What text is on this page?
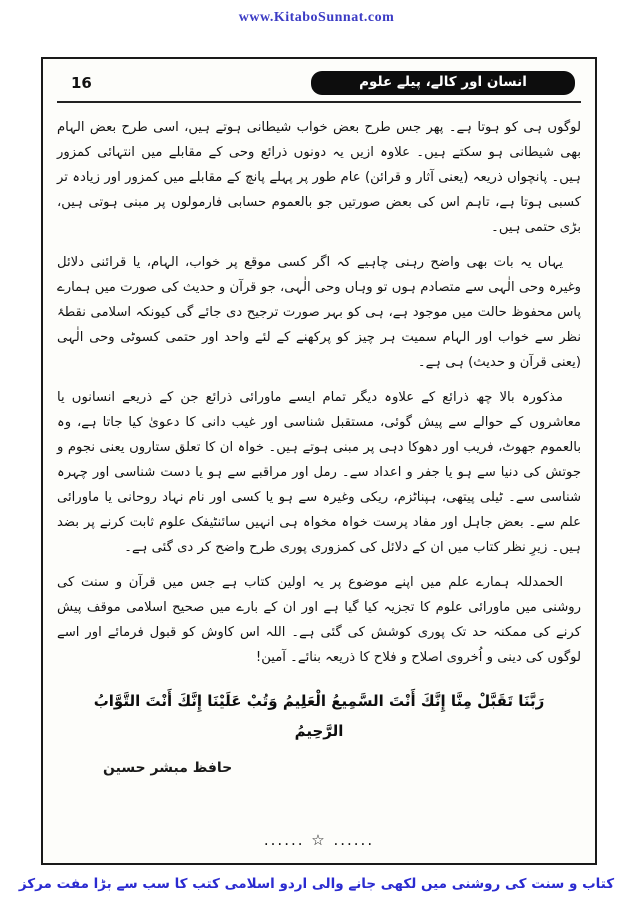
www.KitaboSunnat.com
انسان اور کالے، پیلے علوم
16

لوگوں ہی کو ہوتا ہے۔ پھر جس طرح بعض خواب شیطانی ہوتے ہیں، اسی طرح بعض الہام بھی شیطانی ہو سکتے ہیں۔ علاوہ ازیں یہ دونوں ذرائع وحی کے مقابلے میں انتہائی کمزور ہیں۔ پانچواں ذریعہ (یعنی آثار و قرائن) عام طور پر پہلے پانچ کے مقابلے میں کمزور اور زیادہ تر کسبی ہوتا ہے، تاہم اس کی بعض صورتیں جو بالعموم حسابی فارمولوں پر مبنی ہوتی ہیں، بڑی حتمی ہیں۔

یہاں یہ بات بھی واضح رہنی چاہیے کہ اگر کسی موقع پر خواب، الہام، یا قرائنی دلائل وغیرہ وحی الٰہی سے متصادم ہوں تو وہاں وحی الٰہی، جو قرآن و حدیث کی صورت میں ہمارے پاس محفوظ حالت میں موجود ہے، ہی کو بہر صورت ترجیح دی جائے گی کیونکہ اسلامی نقطۂ نظر سے خواب اور الہام سمیت ہر چیز کو پرکھنے کے لئے واحد اور حتمی کسوٹی وحی الٰہی (یعنی قرآن و حدیث) ہی ہے۔

مذکورہ بالا چھ ذرائع کے علاوہ دیگر تمام ایسے ماورائی ذرائع جن کے ذریعے انسانوں یا معاشروں کے حوالے سے پیش گوئی، مستقبل شناسی اور غیب دانی کا دعویٰ کیا جاتا ہے، وہ بالعموم جھوٹ، فریب اور دھوکا دہی پر مبنی ہوتے ہیں۔ خواہ ان کا تعلق ستاروں یعنی نجوم و جوتش کی دنیا سے ہو یا جفر و اعداد سے۔ رمل اور مراقبے سے ہو یا دست شناسی اور چہرہ شناسی سے۔ ٹیلی پیتھی، ہپناٹزم، ریکی وغیرہ سے ہو یا کسی اور نام نہاد روحانی یا ماورائی علم سے۔ بعض جاہل اور مفاد پرست خواہ مخواہ ہی انہیں سائنٹیفک علوم ثابت کرنے پر بضد ہیں۔ زیرِ نظر کتاب میں ان کے دلائل کی کمزوری پوری طرح واضح کر دی گئی ہے۔

الحمدللہ ہمارے علم میں اپنے موضوع پر یہ اولین کتاب ہے جس میں قرآن و سنت کی روشنی میں ماورائی علوم کا تجزیہ کیا گیا ہے اور ان کے بارے میں صحیح اسلامی موقف پیش کرنے کی ممکنہ حد تک پوری کوشش کی گئی ہے۔ اللہ اس کاوش کو قبول فرمائے اور اسے لوگوں کی دینی و اُخروی اصلاح و فلاح کا ذریعہ بنائے۔ آمین!

رَبَّنَا تَقَبَّلْ مِنَّا إِنَّكَ أَنْتَ السَّمِيعُ الْعَلِيمُ وَتُبْ عَلَيْنَا إِنَّكَ أَنْتَ التَّوَّابُ الرَّحِيمُ
حافظ مبشر حسین
...... ☆ ......
کتاب و سنت کی روشنی میں لکھی جانے والی اردو اسلامی کتب کا سب سے بڑا مفت مرکز
